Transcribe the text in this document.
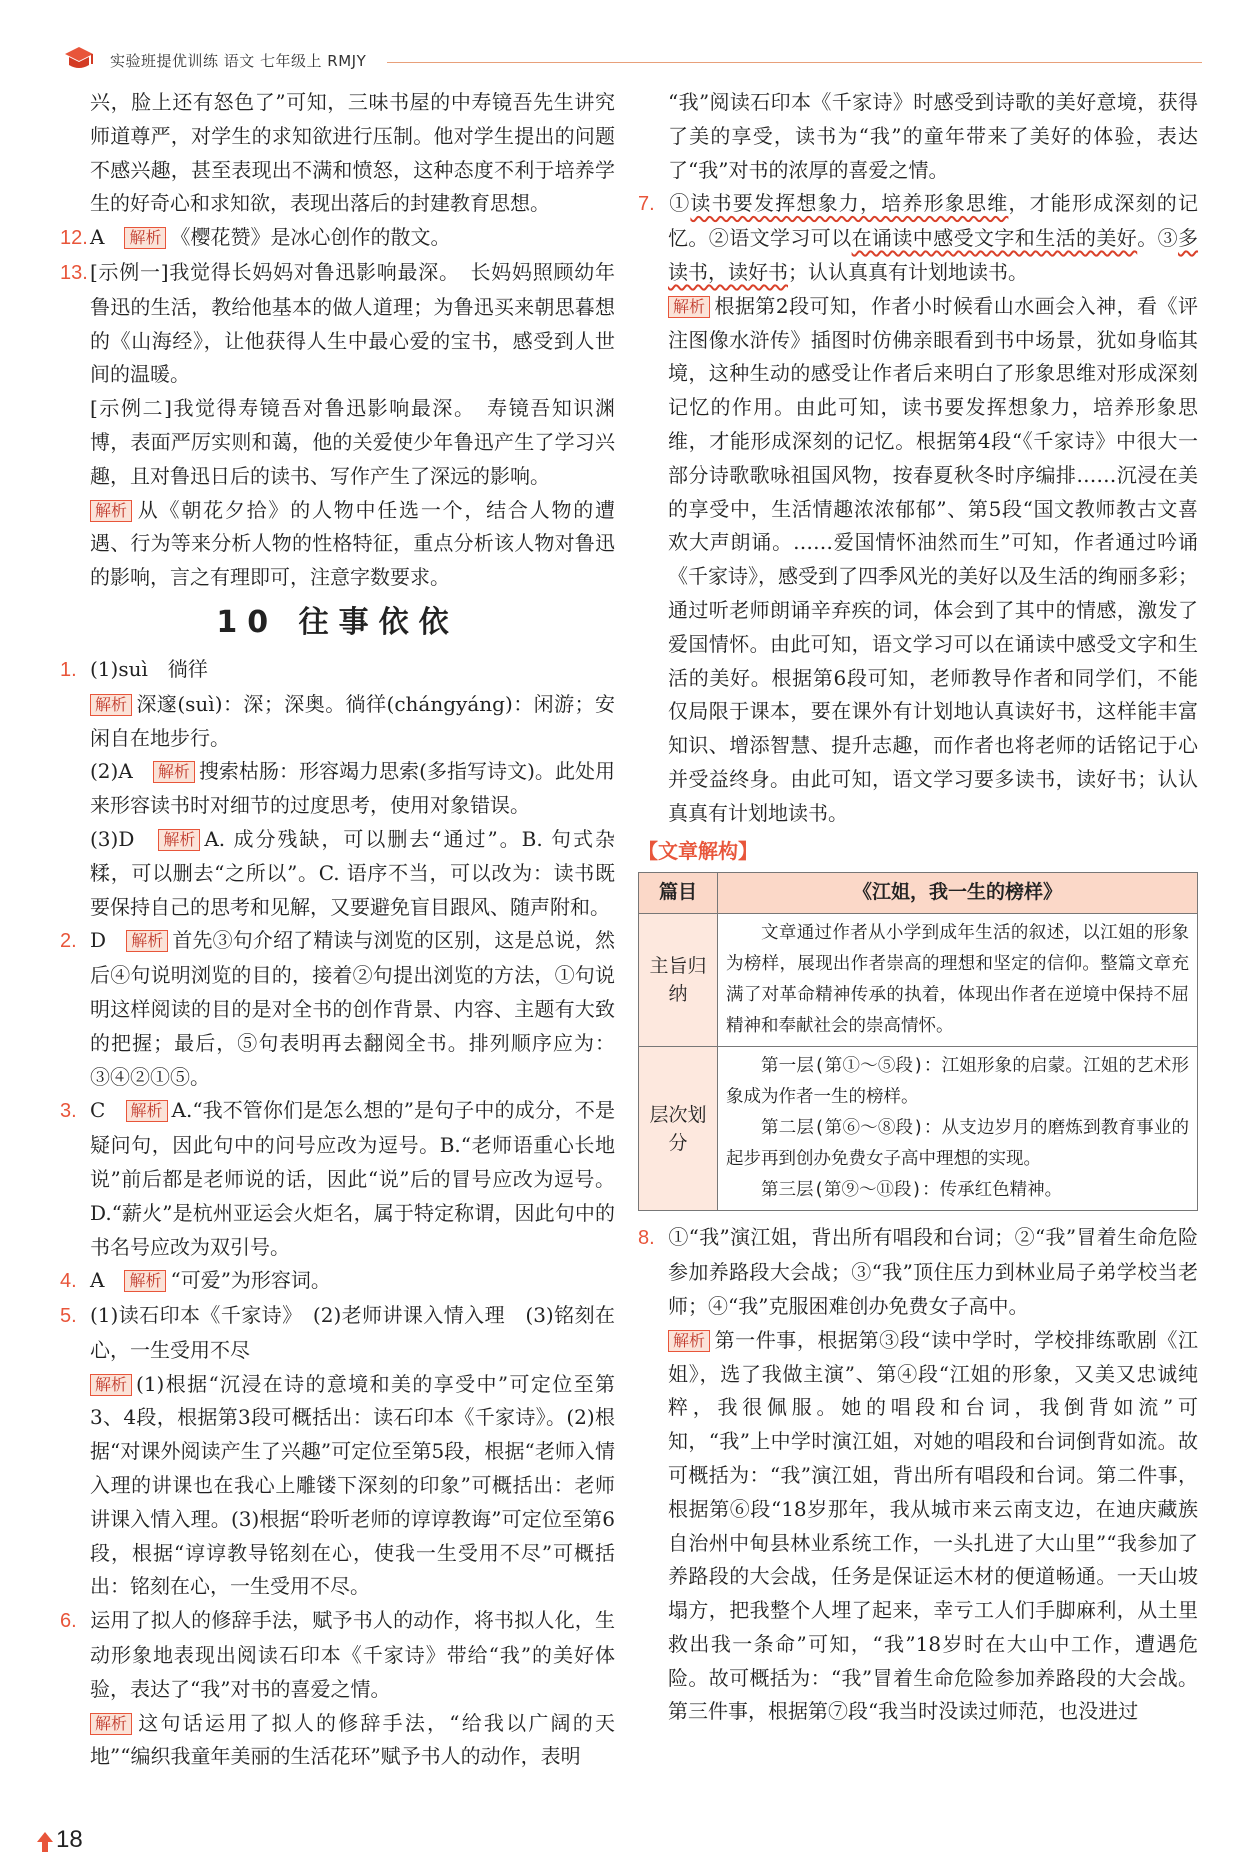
实验班提优训练 语文 七年级上 RMJY

兴，脸上还有怒色了”可知，三味书屋的中寿镜吾先生讲究师道尊严，对学生的求知欲进行压制。他对学生提出的问题不感兴趣，甚至表现出不满和愤怒，这种态度不利于培养学生的好奇心和求知欲，表现出落后的封建教育思想。

12. A　 解析 《樱花赞》是冰心创作的散文。

13. [示例一]我觉得长妈妈对鲁迅影响最深。　长妈妈照顾幼年鲁迅的生活，教给他基本的做人道理；为鲁迅买来朝思暮想的《山海经》，让他获得人生中最心爱的宝书，感受到人世间的温暖。

[示例二]我觉得寿镜吾对鲁迅影响最深。　寿镜吾知识渊博，表面严厉实则和蔼，他的关爱使少年鲁迅产生了学习兴趣，且对鲁迅日后的读书、写作产生了深远的影响。

解析 从《朝花夕拾》的人物中任选一个，结合人物的遭遇、行为等来分析人物的性格特征，重点分析该人物对鲁迅的影响，言之有理即可，注意字数要求。

10 往事依依

1. (1)suì　徜徉

解析 深邃(suì)：深；深奥。徜徉(chángyáng)：闲游；安闲自在地步行。

(2)A　 解析 搜索枯肠：形容竭力思索(多指写诗文)。此处用来形容读书时对细节的过度思考，使用对象错误。

(3)D　 解析 A. 成分残缺，可以删去“通过”。B. 句式杂糅，可以删去“之所以”。C. 语序不当，可以改为：读书既要保持自己的思考和见解，又要避免盲目跟风、随声附和。

2. D　 解析 首先③句介绍了精读与浏览的区别，这是总说，然后④句说明浏览的目的，接着②句提出浏览的方法，①句说明这样阅读的目的是对全书的创作背景、内容、主题有大致的把握；最后，⑤句表明再去翻阅全书。排列顺序应为：③④②①⑤。

3. C　 解析 A.“我不管你们是怎么想的”是句子中的成分，不是疑问句，因此句中的问号应改为逗号。B.“老师语重心长地说”前后都是老师说的话，因此“说”后的冒号应改为逗号。D.“薪火”是杭州亚运会火炬名，属于特定称谓，因此句中的书名号应改为双引号。

4. A　 解析 “可爱”为形容词。

5. (1)读石印本《千家诗》　(2)老师讲课入情入理　(3)铭刻在心，一生受用不尽

解析 (1)根据“沉浸在诗的意境和美的享受中”可定位至第3、4段，根据第3段可概括出：读石印本《千家诗》。(2)根据“对课外阅读产生了兴趣”可定位至第5段，根据“老师入情入理的讲课也在我心上雕镂下深刻的印象”可概括出：老师讲课入情入理。(3)根据“聆听老师的谆谆教诲”可定位至第6段，根据“谆谆教导铭刻在心，使我一生受用不尽”可概括出：铭刻在心，一生受用不尽。

6. 运用了拟人的修辞手法，赋予书人的动作，将书拟人化，生动形象地表现出阅读石印本《千家诗》带给“我”的美好体验，表达了“我”对书的喜爱之情。

解析 这句话运用了拟人的修辞手法，“给我以广阔的天地”“编织我童年美丽的生活花环”赋予书人的动作，表明

“我”阅读石印本《千家诗》时感受到诗歌的美好意境，获得了美的享受，读书为“我”的童年带来了美好的体验，表达了“我”对书的浓厚的喜爱之情。

7. ①读书要发挥想象力，培养形象思维，才能形成深刻的记忆。②语文学习可以在诵读中感受文字和生活的美好。③多读书，读好书；认认真真有计划地读书。

解析 根据第2段可知，作者小时候看山水画会入神，看《评注图像水浒传》插图时仿佛亲眼看到书中场景，犹如身临其境，这种生动的感受让作者后来明白了形象思维对形成深刻记忆的作用。由此可知，读书要发挥想象力，培养形象思维，才能形成深刻的记忆。根据第4段“《千家诗》中很大一部分诗歌歌咏祖国风物，按春夏秋冬时序编排……沉浸在美的享受中，生活情趣浓浓郁郁”、第5段“国文教师教古文喜欢大声朗诵。……爱国情怀油然而生”可知，作者通过吟诵《千家诗》，感受到了四季风光的美好以及生活的绚丽多彩；通过听老师朗诵辛弃疾的词，体会到了其中的情感，激发了爱国情怀。由此可知，语文学习可以在诵读中感受文字和生活的美好。根据第6段可知，老师教导作者和同学们，不能仅局限于课本，要在课外有计划地认真读好书，这样能丰富知识、增添智慧、提升志趣，而作者也将老师的话铭记于心并受益终身。由此可知，语文学习要多读书，读好书；认认真真有计划地读书。

【文章解构】
篇目	《江姐，我一生的榜样》
主旨归纳	文章通过作者从小学到成年生活的叙述，以江姐的形象为榜样，展现出作者崇高的理想和坚定的信仰。整篇文章充满了对革命精神传承的执着，体现出作者在逆境中保持不屈精神和奉献社会的崇高情怀。

层次划分	第一层(第①～⑤段)：江姐形象的启蒙。江姐的艺术形象成为作者一生的榜样。

第二层(第⑥～⑧段)：从支边岁月的磨炼到教育事业的起步再到创办免费女子高中理想的实现。

第三层(第⑨～⑪段)：传承红色精神。

8. ①“我”演江姐，背出所有唱段和台词；②“我”冒着生命危险参加养路段大会战；③“我”顶住压力到林业局子弟学校当老师；④“我”克服困难创办免费女子高中。

解析 第一件事，根据第③段“读中学时，学校排练歌剧《江姐》，选了我做主演”、第④段“江姐的形象，又美又忠诚纯粹，我很佩服。她的唱段和台词，我倒背如流”可知，“我”上中学时演江姐，对她的唱段和台词倒背如流。故可概括为：“我”演江姐，背出所有唱段和台词。第二件事，根据第⑥段“18岁那年，我从城市来云南支边，在迪庆藏族自治州中甸县林业系统工作，一头扎进了大山里”“我参加了养路段的大会战，任务是保证运木材的便道畅通。一天山坡塌方，把我整个人埋了起来，幸亏工人们手脚麻利，从土里救出我一条命”可知，“我”18岁时在大山中工作，遭遇危险。故可概括为：“我”冒着生命危险参加养路段的大会战。第三件事，根据第⑦段“我当时没读过师范，也没进过

18
